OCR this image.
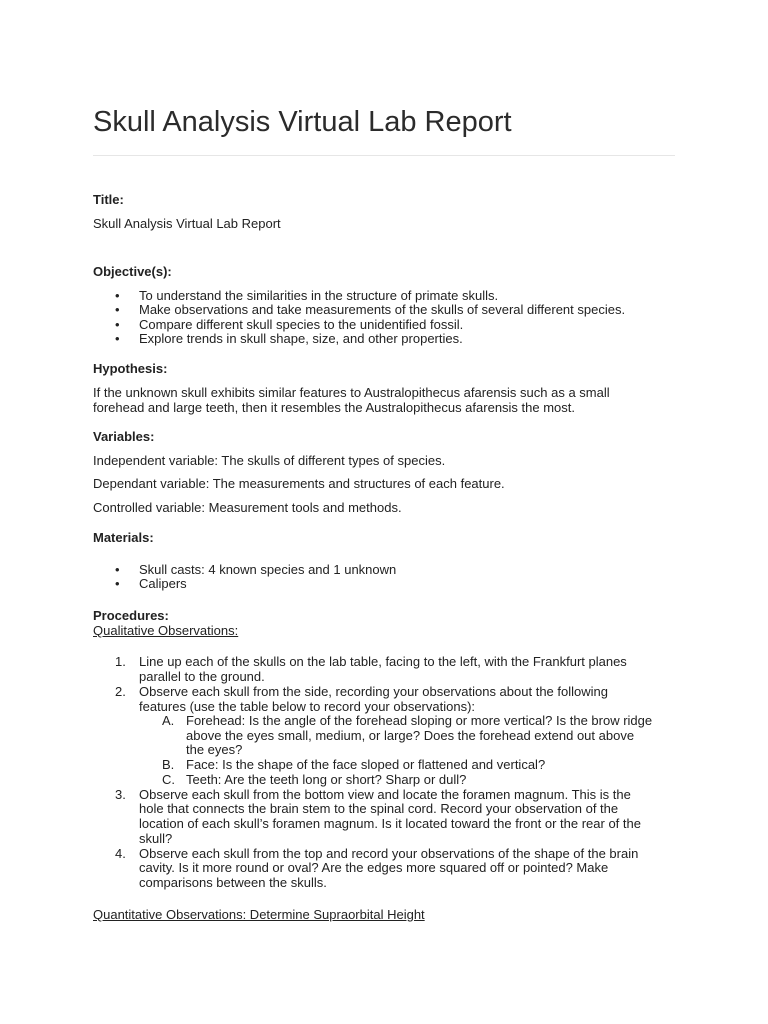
Skull Analysis Virtual Lab Report
Title:
Skull Analysis Virtual Lab Report
Objective(s):
• To understand the similarities in the structure of primate skulls.
• Make observations and take measurements of the skulls of several different species.
• Compare different skull species to the unidentified fossil.
• Explore trends in skull shape, size, and other properties.
Hypothesis:
If the unknown skull exhibits similar features to Australopithecus afarensis such as a small
forehead and large teeth, then it resembles the Australopithecus afarensis the most.
Variables:
Independent variable: The skulls of different types of species.
Dependant variable: The measurements and structures of each feature.
Controlled variable: Measurement tools and methods.
Materials:
• Skull casts: 4 known species and 1 unknown
• Calipers
Procedures:
Qualitative Observations:
1. Line up each of the skulls on the lab table, facing to the left, with the Frankfurt planes
parallel to the ground.
2. Observe each skull from the side, recording your observations about the following
features (use the table below to record your observations):
A. Forehead: Is the angle of the forehead sloping or more vertical? Is the brow ridge
above the eyes small, medium, or large? Does the forehead extend out above
the eyes?
B. Face: Is the shape of the face sloped or flattened and vertical?
C. Teeth: Are the teeth long or short? Sharp or dull?
3. Observe each skull from the bottom view and locate the foramen magnum. This is the
hole that connects the brain stem to the spinal cord. Record your observation of the
location of each skull’s foramen magnum. Is it located toward the front or the rear of the
skull?
4. Observe each skull from the top and record your observations of the shape of the brain
cavity. Is it more round or oval? Are the edges more squared off or pointed? Make
comparisons between the skulls.
Quantitative Observations: Determine Supraorbital Height
